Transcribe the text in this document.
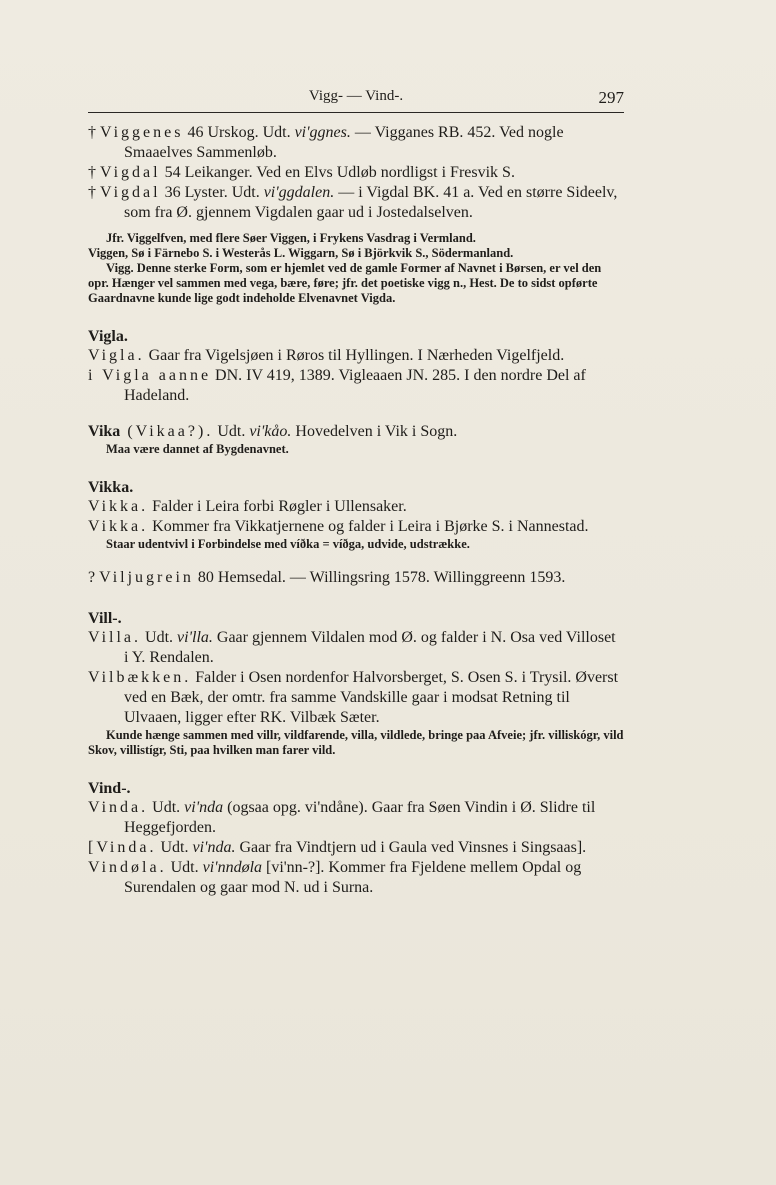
Vigg- — Vind-.	297

† Viggenes 46 Urskog. Udt. vi'ggnes. — Vigganes RB. 452. Ved nogle Smaaelves Sammenløb.

† Vigdal 54 Leikanger. Ved en Elvs Udløb nordligst i Fresvik S.

† Vigdal 36 Lyster. Udt. vi'ggdalen. — i Vigdal BK. 41 a. Ved en større Sideelv, som fra Ø. gjennem Vigdalen gaar ud i Jostedalselven.

Jfr. Viggelfven, med flere Søer Viggen, i Frykens Vasdrag i Vermland.

Viggen, Sø i Färnebo S. i Westerås L. Wiggarn, Sø i Björkvik S., Södermanland.

Vigg. Denne sterke Form, som er hjemlet ved de gamle Former af Navnet i Børsen, er vel den opr. Hænger vel sammen med vega, bære, føre; jfr. det poetiske vigg n., Hest. De to sidst opførte Gaardnavne kunde lige godt indeholde Elvenavnet Vigda.

Vigla.

Vigla. Gaar fra Vigelsjøen i Røros til Hyllingen. I Nærheden Vigelfjeld.

i Vigla aanne DN. IV 419, 1389. Vigleaaen JN. 285. I den nordre Del af Hadeland.

Vika (Vikaa?). Udt. vi'kåo. Hovedelven i Vik i Sogn.

Maa være dannet af Bygdenavnet.

Vikka.

Vikka. Falder i Leira forbi Røgler i Ullensaker.

Vikka. Kommer fra Vikkatjernene og falder i Leira i Bjørke S. i Nannestad.

Staar udentvivl i Forbindelse med víðka = víðga, udvide, udstrække.

? Viljugrein 80 Hemsedal. — Willingsring 1578. Willinggreenn 1593.

Vill-.

Villa. Udt. vi'lla. Gaar gjennem Vildalen mod Ø. og falder i N. Osa ved Villoset i Y. Rendalen.

Vilbækken. Falder i Osen nordenfor Halvorsberget, S. Osen S. i Trysil. Øverst ved en Bæk, der omtr. fra samme Vandskille gaar i modsat Retning til Ulvaaen, ligger efter RK. Vilbæk Sæter.

Kunde hænge sammen med villr, vildfarende, villa, vildlede, bringe paa Afveie; jfr. villiskógr, vild Skov, villistígr, Sti, paa hvilken man farer vild.

Vind-.

Vinda. Udt. vi'nda (ogsaa opg. vi'ndåne). Gaar fra Søen Vindin i Ø. Slidre til Heggefjorden.

[Vinda. Udt. vi'nda. Gaar fra Vindtjern ud i Gaula ved Vinsnes i Singsaas].

Vindøla. Udt. vi'nndøla [vi'nn-?]. Kommer fra Fjeldene mellem Opdal og Surendalen og gaar mod N. ud i Surna.
